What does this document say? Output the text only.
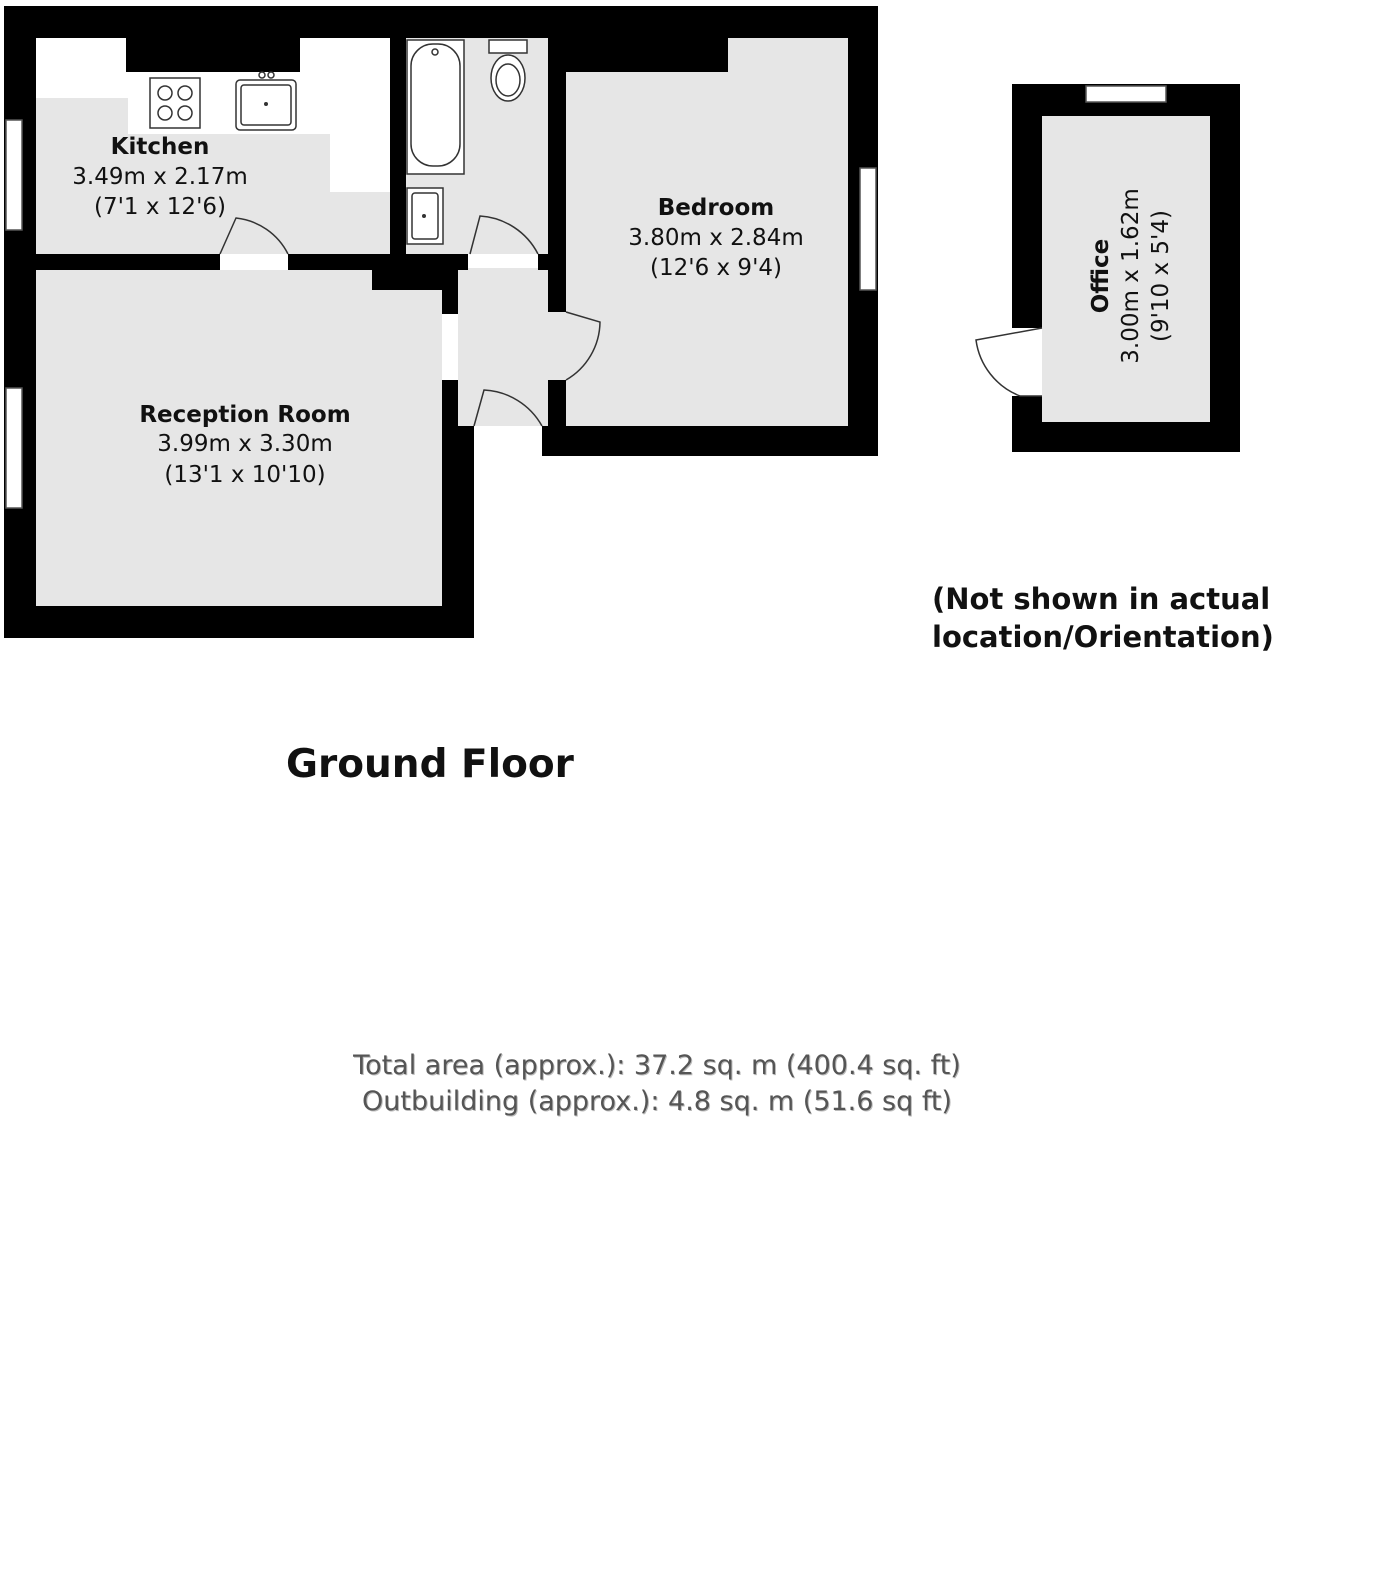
Kitchen
3.49m x 2.17m
(7'1 x 12'6)	Bedroom
3.80m x 2.84m
(12'6 x 9'4)
Reception Room
3.99m x 3.30m
(13'1 x 10'10)
Office 3.00m x 1.62m (9'10 x 5'4)
(Not shown in actual
location/Orientation)
Ground Floor
Total area (approx.): 37.2 sq. m (400.4 sq. ft)
Outbuilding (approx.): 4.8 sq. m (51.6 sq ft)
